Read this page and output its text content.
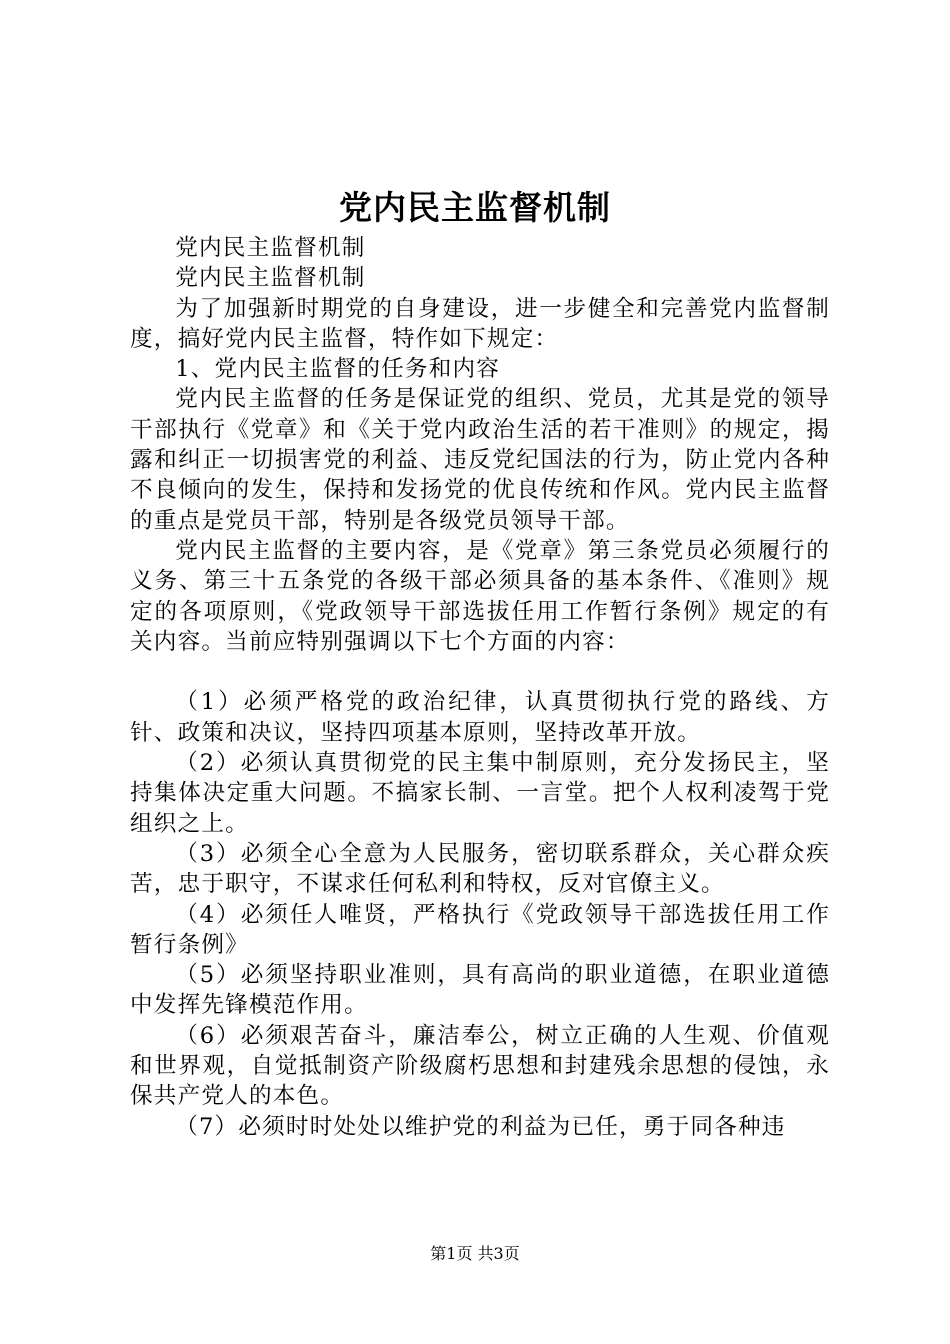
党内民主监督机制

党内民主监督机制

党内民主监督机制

为了加强新时期党的自身建设，进一步健全和完善党内监督制度，搞好党内民主监督，特作如下规定：

1、党内民主监督的任务和内容

党内民主监督的任务是保证党的组织、党员，尤其是党的领导干部执行《党章》和《关于党内政治生活的若干准则》的规定，揭露和纠正一切损害党的利益、违反党纪国法的行为，防止党内各种不良倾向的发生，保持和发扬党的优良传统和作风。党内民主监督的重点是党员干部，特别是各级党员领导干部。

党内民主监督的主要内容，是《党章》第三条党员必须履行的义务、第三十五条党的各级干部必须具备的基本条件、《准则》规定的各项原则，《党政领导干部选拔任用工作暂行条例》规定的有关内容。当前应特别强调以下七个方面的内容：

（1）必须严格党的政治纪律，认真贯彻执行党的路线、方针、政策和决议，坚持四项基本原则，坚持改革开放。

（2）必须认真贯彻党的民主集中制原则，充分发扬民主，坚持集体决定重大问题。不搞家长制、一言堂。把个人权利凌驾于党组织之上。

（3）必须全心全意为人民服务，密切联系群众，关心群众疾苦，忠于职守，不谋求任何私利和特权，反对官僚主义。

（4）必须任人唯贤，严格执行《党政领导干部选拔任用工作暂行条例》

（5）必须坚持职业准则，具有高尚的职业道德，在职业道德中发挥先锋模范作用。

（6）必须艰苦奋斗，廉洁奉公，树立正确的人生观、价值观和世界观，自觉抵制资产阶级腐朽思想和封建残余思想的侵蚀，永保共产党人的本色。

（7）必须时时处处以维护党的利益为已任，勇于同各种违

第1页 共3页
